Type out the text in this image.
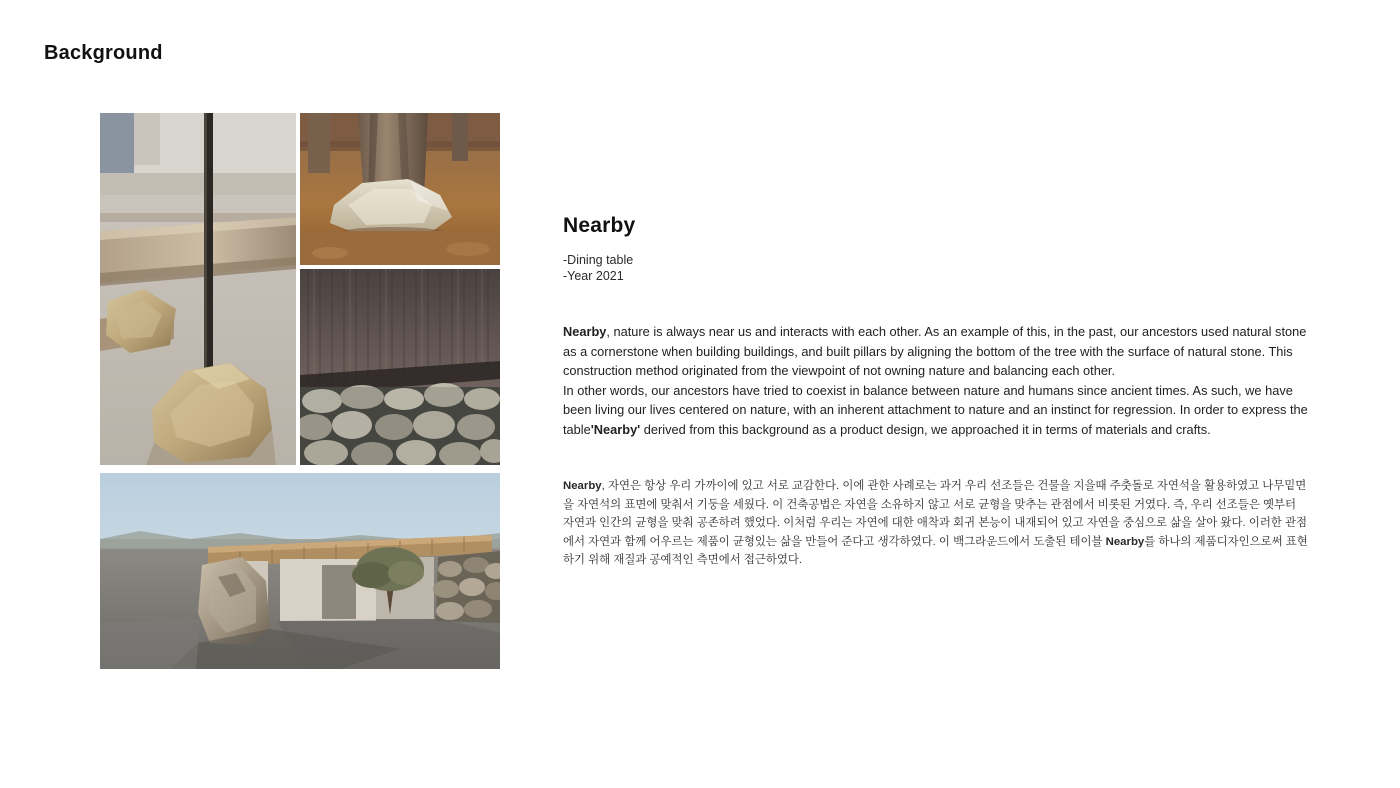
Background
Nearby
-Dining table
-Year 2021
Nearby, nature is always near us and interacts with each other. As an example of this, in the past, our ancestors used natural stone as a cornerstone when building buildings, and built pillars by aligning the bottom of the tree with the surface of natural stone. This construction method originated from the viewpoint of not owning nature and balancing each other.
In other words, our ancestors have tried to coexist in balance between nature and humans since ancient times. As such, we have been living our lives centered on nature, with an inherent attachment to nature and an instinct for regression. In order to express the table'Nearby' derived from this background as a product design, we approached it in terms of materials and crafts.
Nearby, 자연은 항상 우리 가까이에 있고 서로 교감한다. 이에 관한 사례로는 과거 우리 선조들은 건물을 지을때 주춧돌로 자연석을 활용하였고 나무밑면을 자연석의 표면에 맞춰서 기둥을 세웠다. 이 건축공법은 자연을 소유하지 않고 서로 균형을 맞추는 관점에서 비롯된 거였다. 즉, 우리 선조들은 옛부터 자연과 인간의 균형을 맞춰 공존하려 했었다. 이처럼 우리는 자연에 대한 애착과 회귀 본능이 내재되어 있고 자연을 중심으로 삶을 살아 왔다. 이러한 관점에서 자연과 함께 어우르는 제품이 균형있는 삶을 만들어 준다고 생각하였다. 이 백그라운드에서 도출된 테이블 Nearby를 하나의 제품디자인으로써 표현하기 위해 재질과 공예적인 측면에서 접근하였다.
